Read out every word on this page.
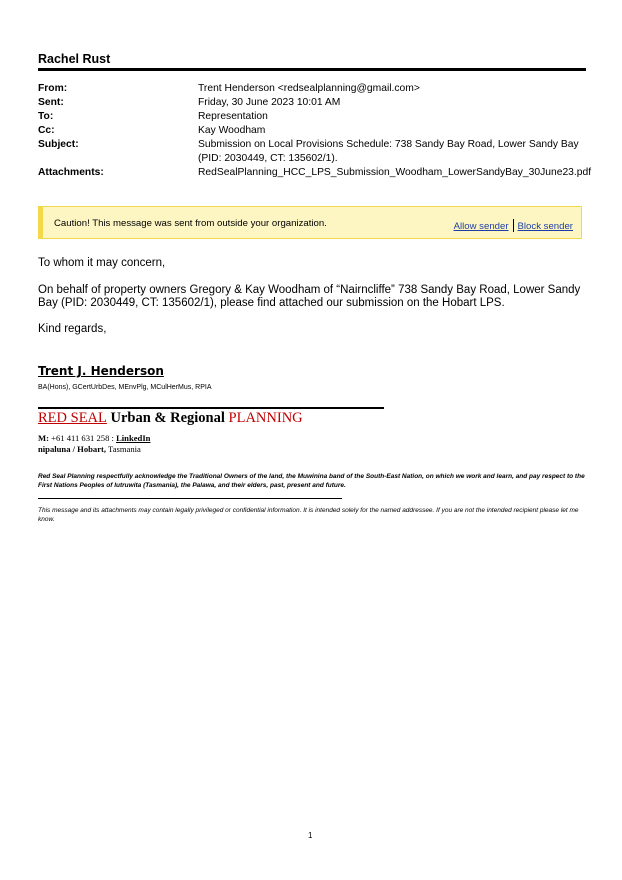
Rachel Rust
From:	Trent Henderson <redsealplanning@gmail.com>
Sent:	Friday, 30 June 2023 10:01 AM
To:	Representation
Cc:	Kay Woodham
Subject:	Submission on Local Provisions Schedule: 738 Sandy Bay Road, Lower Sandy Bay
(PID: 2030449, CT: 135602/1).
Attachments:	RedSealPlanning_HCC_LPS_Submission_Woodham_LowerSandyBay_30June23.pdf
Caution! This message was sent from outside your organization.	Allow sender Block sender
To whom it may concern,
On behalf of property owners Gregory & Kay Woodham of “Nairncliffe” 738 Sandy Bay Road, Lower Sandy
Bay (PID: 2030449, CT: 135602/1), please find attached our submission on the Hobart LPS.
Kind regards,
Trent J. Henderson
BA(Hons), GCertUrbDes, MEnvPlg, MCulHerMus, RPIA
RED SEAL Urban & Regional PLANNING
M: +61 411 631 258 : LinkedIn
nipaluna / Hobart, Tasmania
Red Seal Planning respectfully acknowledge the Traditional Owners of the land, the Muwinina band of the South-East Nation, on which we work and learn, and pay respect to the First Nations Peoples of lutruwita (Tasmania), the Palawa, and their elders, past, present and future.
This message and its attachments may contain legally privileged or confidential information. It is intended solely for the named addressee. If you are not the intended recipient please let me know.
1
